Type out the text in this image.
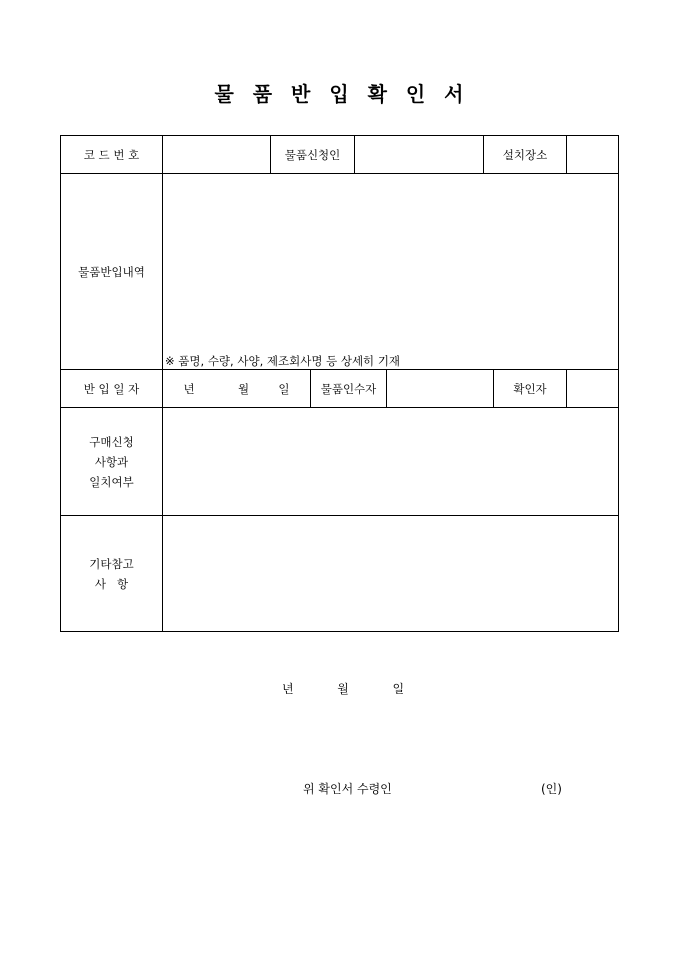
물 품 반 입 확 인 서
코 드 번 호		물품신청인				설치장소		
물품반입내역	※ 품명, 수량, 사양, 제조회사명 등 상세히 기재							
반 입 일 자	년 월 일		물품인수자				확인자	

구매신청
사항과
일치여부								

기타참고
사   항								

년	월	일
위 확인서 수령인	(인)
